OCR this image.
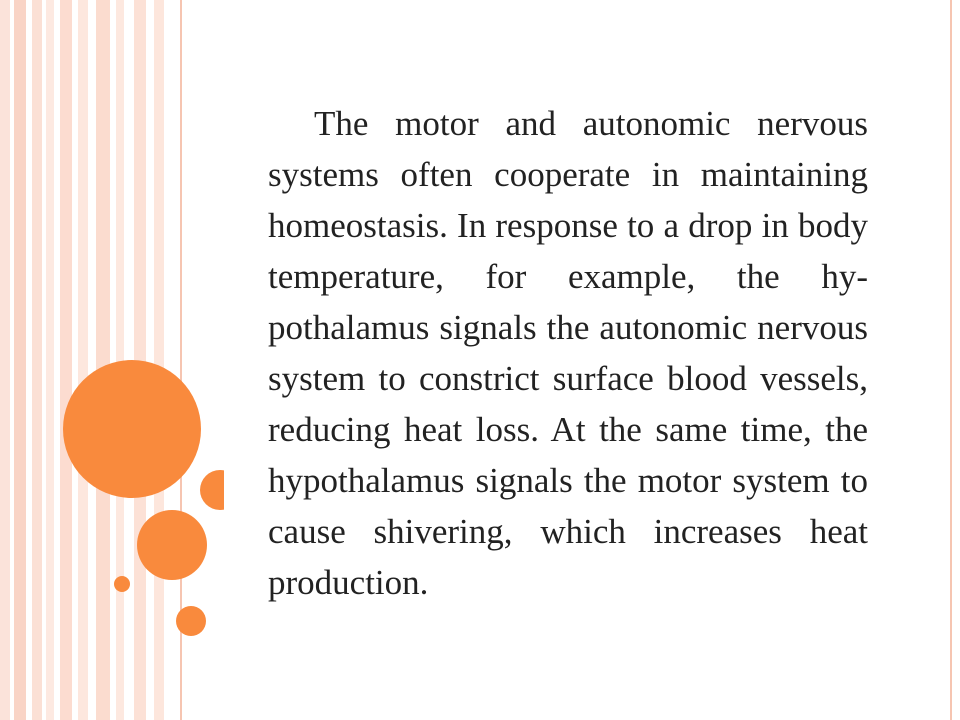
The motor and autonomic nervous systems often cooperate in maintaining homeostasis. In response to a drop in body temperature, for example, the hypothalamus signals the autonomic nervous system to constrict surface blood vessels, reducing heat loss. At the same time, the hypothalamus signals the motor system to cause shivering, which increases heat production.
